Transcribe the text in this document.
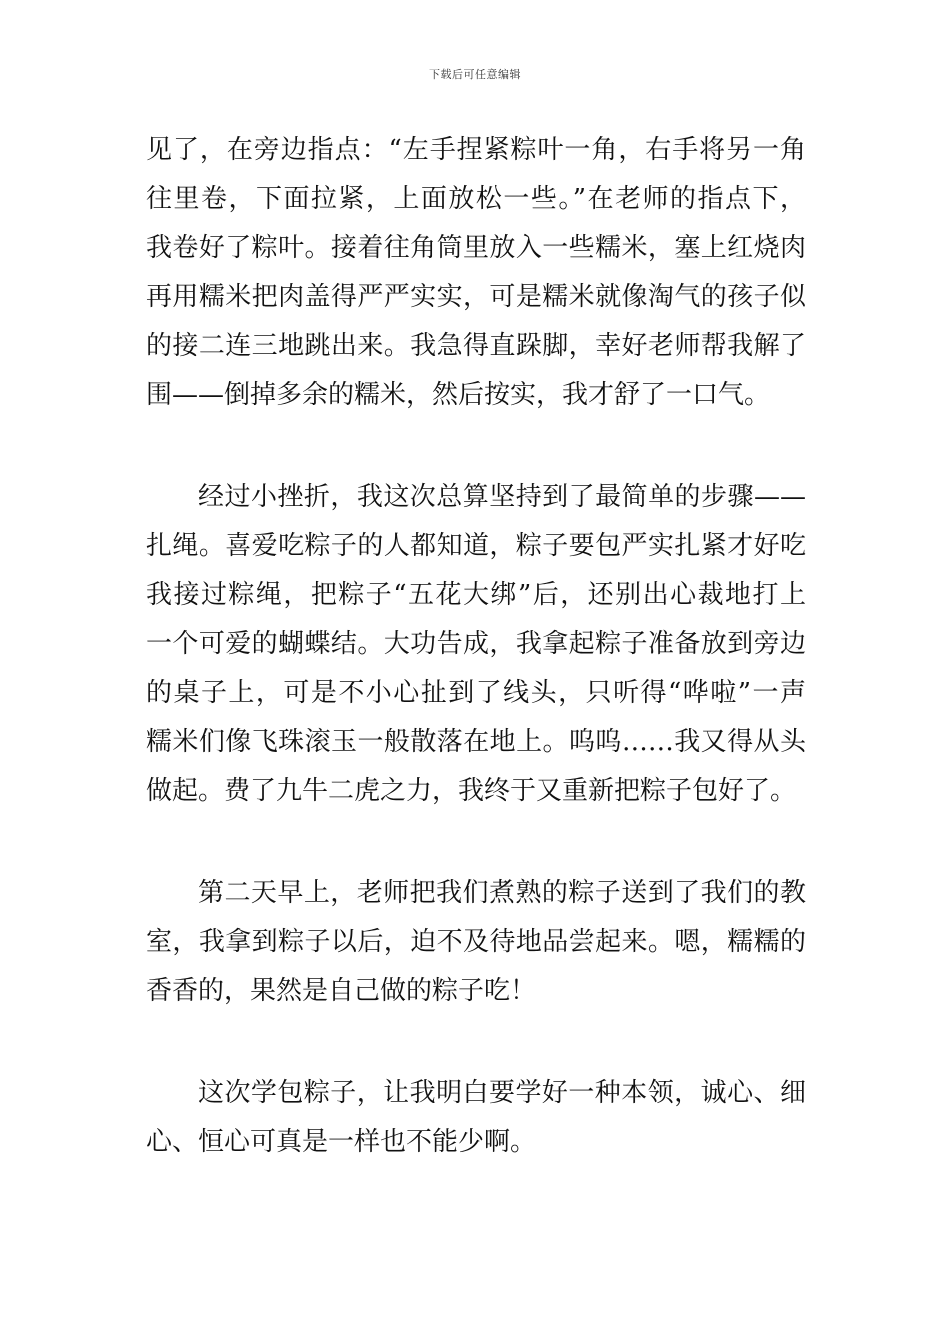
下载后可任意编辑
见了，在旁边指点：“左手捏紧粽叶一角，右手将另一角
往里卷，下面拉紧，上面放松一些。”在老师的指点下，
我卷好了粽叶。接着往角筒里放入一些糯米，塞上红烧肉
再用糯米把肉盖得严严实实，可是糯米就像淘气的孩子似
的接二连三地跳出来。我急得直跺脚，幸好老师帮我解了
围——倒掉多余的糯米，然后按实，我才舒了一口气。
经过小挫折，我这次总算坚持到了最简单的步骤——
扎绳。喜爱吃粽子的人都知道，粽子要包严实扎紧才好吃
我接过粽绳，把粽子“五花大绑”后，还别出心裁地打上
一个可爱的蝴蝶结。大功告成，我拿起粽子准备放到旁边
的桌子上，可是不小心扯到了线头，只听得“哗啦”一声
糯米们像飞珠滚玉一般散落在地上。呜呜……我又得从头
做起。费了九牛二虎之力，我终于又重新把粽子包好了。
第二天早上，老师把我们煮熟的粽子送到了我们的教
室，我拿到粽子以后，迫不及待地品尝起来。嗯，糯糯的
香香的，果然是自己做的粽子吃！
这次学包粽子，让我明白要学好一种本领，诚心、细
心、恒心可真是一样也不能少啊。
